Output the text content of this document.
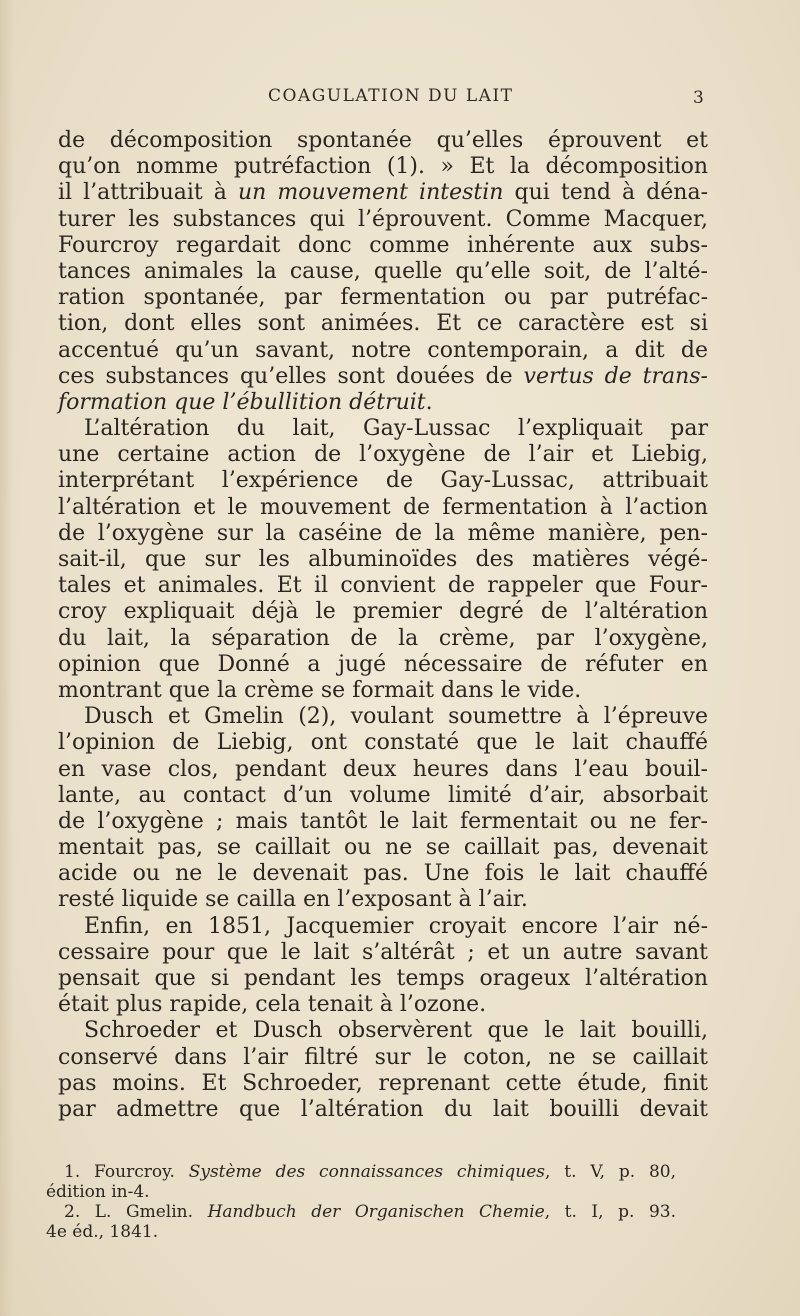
COAGULATION DU LAIT	3
de décomposition spontanée qu’elles éprouvent et
qu’on nomme putréfaction (1). » Et la décomposition
il l’attribuait à un mouvement intestin qui tend à déna-
turer les substances qui l’éprouvent. Comme Macquer,
Fourcroy regardait donc comme inhérente aux subs-
tances animales la cause, quelle qu’elle soit, de l’alté-
ration spontanée, par fermentation ou par putréfac-
tion, dont elles sont animées. Et ce caractère est si
accentué qu’un savant, notre contemporain, a dit de
ces substances qu’elles sont douées de vertus de trans-
formation que l’ébullition détruit.
L’altération du lait, Gay-Lussac l’expliquait par
une certaine action de l’oxygène de l’air et Liebig,
interprétant l’expérience de Gay-Lussac, attribuait
l’altération et le mouvement de fermentation à l’action
de l’oxygène sur la caséine de la même manière, pen-
sait-il, que sur les albuminoïdes des matières végé-
tales et animales. Et il convient de rappeler que Four-
croy expliquait déjà le premier degré de l’altération
du lait, la séparation de la crème, par l’oxygène,
opinion que Donné a jugé nécessaire de réfuter en
montrant que la crème se formait dans le vide.
Dusch et Gmelin (2), voulant soumettre à l’épreuve
l’opinion de Liebig, ont constaté que le lait chauffé
en vase clos, pendant deux heures dans l’eau bouil-
lante, au contact d’un volume limité d’air, absorbait
de l’oxygène ; mais tantôt le lait fermentait ou ne fer-
mentait pas, se caillait ou ne se caillait pas, devenait
acide ou ne le devenait pas. Une fois le lait chauffé
resté liquide se cailla en l’exposant à l’air.
Enfin, en 1851, Jacquemier croyait encore l’air né-
cessaire pour que le lait s’altérât ; et un autre savant
pensait que si pendant les temps orageux l’altération
était plus rapide, cela tenait à l’ozone.
Schroeder et Dusch observèrent que le lait bouilli,
conservé dans l’air filtré sur le coton, ne se caillait
pas moins. Et Schroeder, reprenant cette étude, finit
par admettre que l’altération du lait bouilli devait
1. Fourcroy. Système des connaissances chimiques, t. V, p. 80,
édition in-4.
2. L. Gmelin. Handbuch der Organischen Chemie, t. I, p. 93.
4e éd., 1841.
